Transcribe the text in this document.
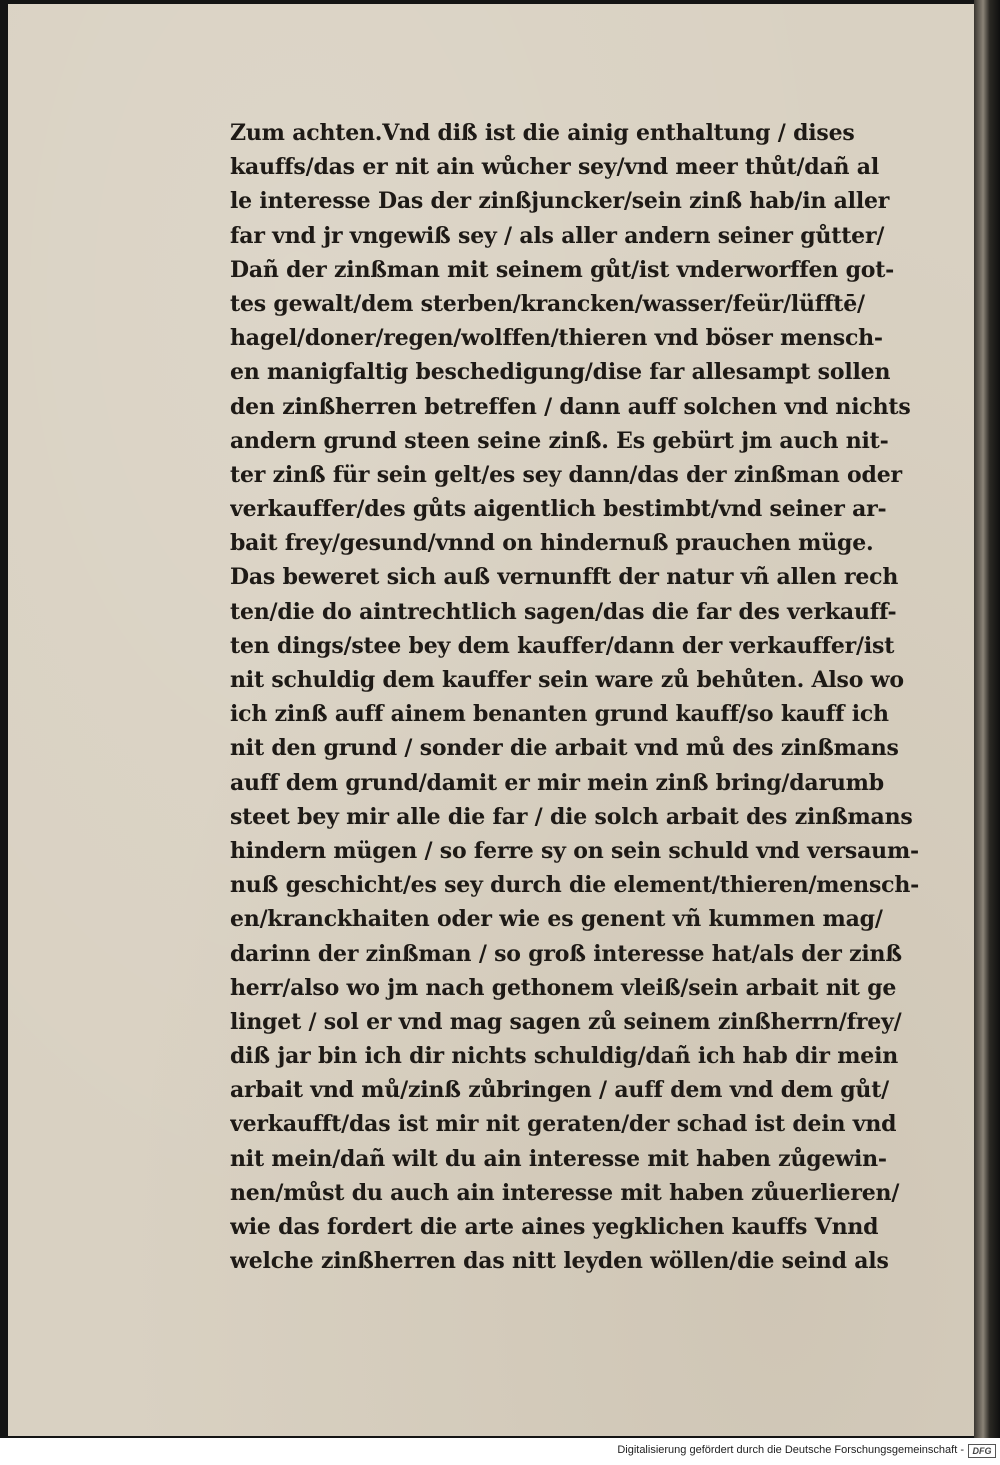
Zum achten.Vnd diß ist die ainig enthaltung / dises
kauffs/das er nit ain wůcher sey/vnd meer thůt/dañ al
le interesse Das der zinßjuncker/sein zinß hab/in aller
far vnd jr vngewiß sey / als aller andern seiner gůtter/
Dañ der zinßman mit seinem gůt/ist vnderworffen got-
tes gewalt/dem sterben/krancken/wasser/feür/lüfftē/
hagel/doner/regen/wolffen/thieren vnd böser mensch-
en manigfaltig beschedigung/dise far allesampt sollen
den zinßherren betreffen / dann auff solchen vnd nichts
andern grund steen seine zinß. Es gebürt jm auch nit-
ter zinß für sein gelt/es sey dann/das der zinßman oder
verkauffer/des gůts aigentlich bestimbt/vnd seiner ar-
bait frey/gesund/vnnd on hindernuß prauchen müge.
Das beweret sich auß vernunfft der natur vñ allen rech
ten/die do aintrechtlich sagen/das die far des verkauff-
ten dings/stee bey dem kauffer/dann der verkauffer/ist
nit schuldig dem kauffer sein ware zů behůten. Also wo
ich zinß auff ainem benanten grund kauff/so kauff ich
nit den grund / sonder die arbait vnd mů des zinßmans
auff dem grund/damit er mir mein zinß bring/darumb
steet bey mir alle die far / die solch arbait des zinßmans
hindern mügen / so ferre sy on sein schuld vnd versaum-
nuß geschicht/es sey durch die element/thieren/mensch-
en/kranckhaiten oder wie es genent vñ kummen mag/
darinn der zinßman / so groß interesse hat/als der zinß
herr/also wo jm nach gethonem vleiß/sein arbait nit ge
linget / sol er vnd mag sagen zů seinem zinßherrn/frey/
diß jar bin ich dir nichts schuldig/dañ ich hab dir mein
arbait vnd mů/zinß zůbringen / auff dem vnd dem gůt/
verkaufft/das ist mir nit geraten/der schad ist dein vnd
nit mein/dañ wilt du ain interesse mit haben zůgewin-
nen/můst du auch ain interesse mit haben zůuerlieren/
wie das fordert die arte aines yegklichen kauffs Vnnd
welche zinßherren das nitt leyden wöllen/die seind als
Digitalisierung gefördert durch die Deutsche Forschungsgemeinschaft - DFG
